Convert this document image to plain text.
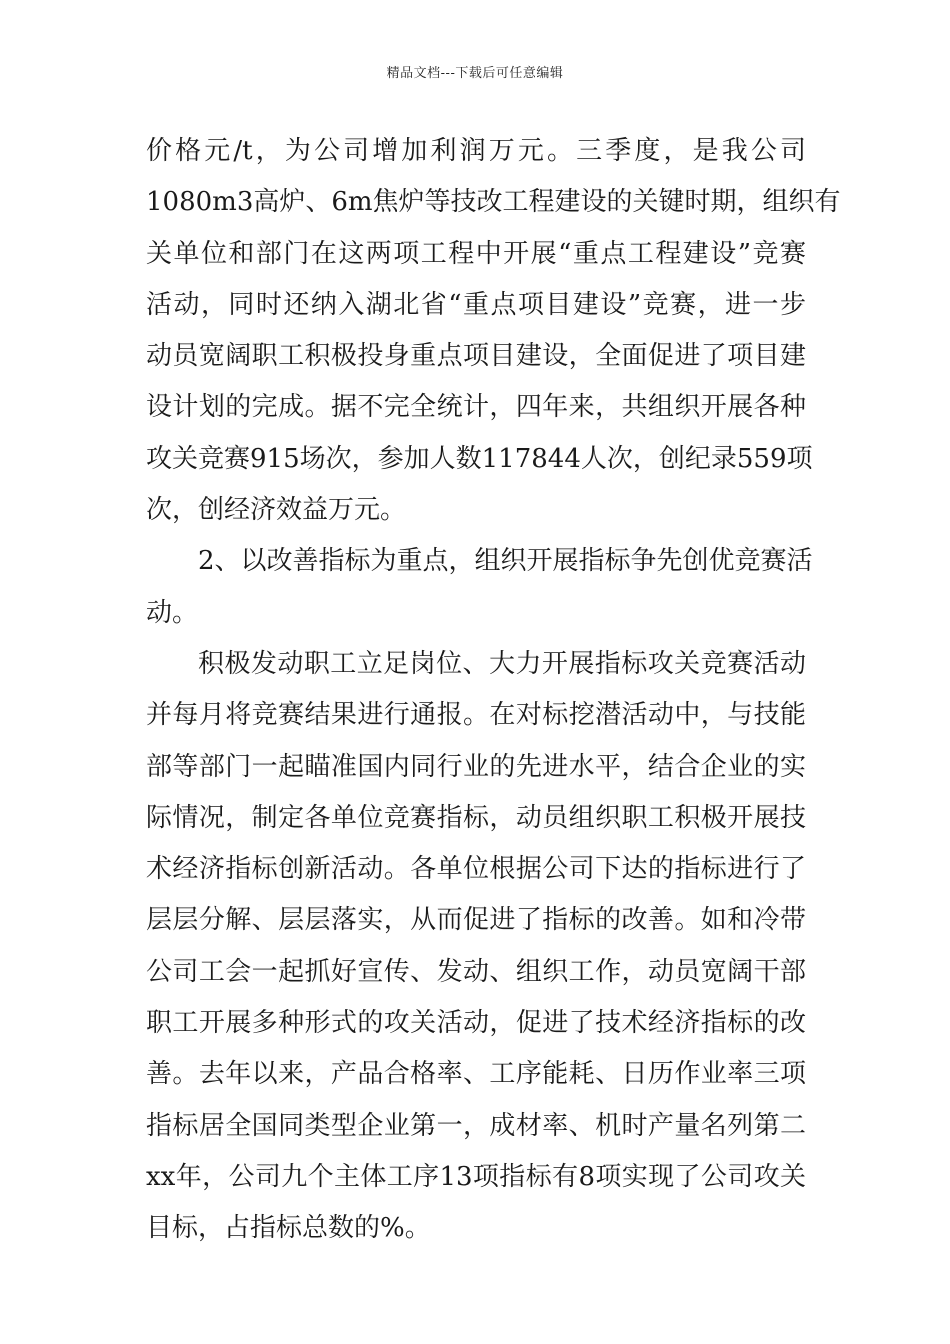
精品文档---下载后可任意编辑
价格元/t，为公司增加利润万元。三季度，是我公司
1080m3高炉、6m焦炉等技改工程建设的关键时期，组织有
关单位和部门在这两项工程中开展“重点工程建设”竞赛
活动，同时还纳入湖北省“重点项目建设”竞赛，进一步
动员宽阔职工积极投身重点项目建设，全面促进了项目建
设计划的完成。据不完全统计，四年来，共组织开展各种
攻关竞赛915场次，参加人数117844人次，创纪录559项
次，创经济效益万元。
2、以改善指标为重点，组织开展指标争先创优竞赛活
动。
积极发动职工立足岗位、大力开展指标攻关竞赛活动
并每月将竞赛结果进行通报。在对标挖潜活动中，与技能
部等部门一起瞄准国内同行业的先进水平，结合企业的实
际情况，制定各单位竞赛指标，动员组织职工积极开展技
术经济指标创新活动。各单位根据公司下达的指标进行了
层层分解、层层落实，从而促进了指标的改善。如和冷带
公司工会一起抓好宣传、发动、组织工作，动员宽阔干部
职工开展多种形式的攻关活动，促进了技术经济指标的改
善。去年以来，产品合格率、工序能耗、日历作业率三项
指标居全国同类型企业第一，成材率、机时产量名列第二
xx年，公司九个主体工序13项指标有8项实现了公司攻关
目标，占指标总数的%。
